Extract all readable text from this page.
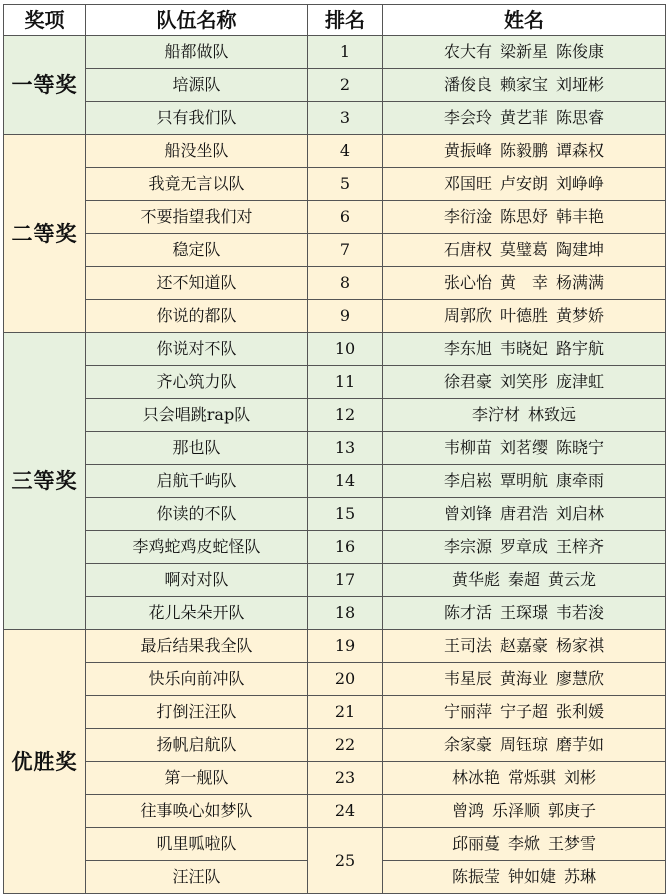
奖项	队伍名称	排名	姓名
一等奖	船都做队	1	农大有 梁新星 陈俊康
	培源队	2	潘俊良 赖家宝 刘垭彬
	只有我们队	3	李会玲 黄艺菲 陈思睿
二等奖	船没坐队	4	黄振峰 陈毅鹏 谭森权
	我竟无言以队	5	邓国旺 卢安朗 刘峥峥
	不要指望我们对	6	李衍淦 陈思妤 韩丰艳
	稳定队	7	石唐权 莫璧葛 陶建坤
	还不知道队	8	张心怡 黄　幸 杨满满
	你说的都队	9	周郭欣 叶德胜 黄梦娇
三等奖	你说对不队	10	李东旭 韦晓妃 路宇航
	齐心筑力队	11	徐君豪 刘笑彤 庞津虹
	只会唱跳rap队	12	李泞材 林致远
	那也队	13	韦柳苗 刘茗缨 陈晓宁
	启航千屿队	14	李启崧 覃明航 康牵雨
	你读的不队	15	曾刘锋 唐君浩 刘启林
	李鸡蛇鸡皮蛇怪队	16	李宗源 罗章成 王梓齐
	啊对对队	17	黄华彪 秦超 黄云龙
	花儿朵朵开队	18	陈才活 王琛璟 韦若浚
优胜奖	最后结果我全队	19	王司法 赵嘉豪 杨家祺
	快乐向前冲队	20	韦星辰 黄海业 廖慧欣
	打倒汪汪队	21	宁丽萍 宁子超 张利媛
	扬帆启航队	22	余家豪 周钰琼 磨芋如
	第一舰队	23	林冰艳 常烁骐 刘彬
	往事唤心如梦队	24	曾鸿 乐泽顺 郭庚子
	叽里呱啦队	25	邱丽蔓 李焮 王梦雪
	汪汪队		陈振莹 钟如婕 苏琳
